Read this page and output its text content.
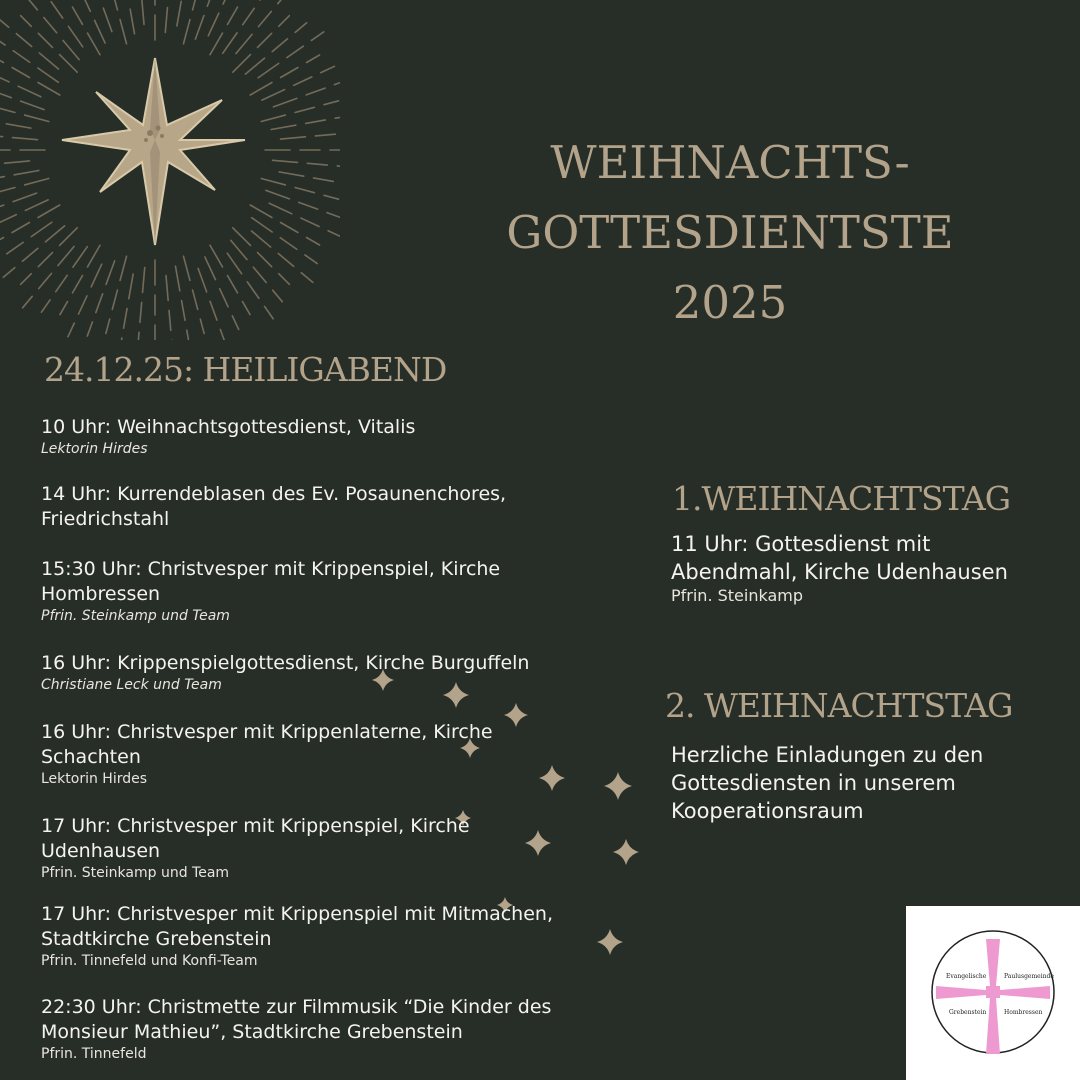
WEIHNACHTS-
GOTTESDIENTSTE
2025
24.12.25: HEILIGABEND
10 Uhr: Weihnachtsgottesdienst, Vitalis
Lektorin Hirdes
14 Uhr: Kurrendeblasen des Ev. Posaunenchores, Friedrichstahl
15:30 Uhr: Christvesper mit Krippenspiel, Kirche Hombressen
Pfrin. Steinkamp und Team
16 Uhr: Krippenspielgottesdienst, Kirche Burguffeln
Christiane Leck und Team
16 Uhr: Christvesper mit Krippenlaterne, Kirche Schachten
Lektorin Hirdes
17 Uhr: Christvesper mit Krippenspiel, Kirche Udenhausen
Pfrin. Steinkamp und Team
17 Uhr: Christvesper mit Krippenspiel mit Mitmachen, Stadtkirche Grebenstein
Pfrin. Tinnefeld und Konfi-Team
22:30 Uhr: Christmette zur Filmmusik “Die Kinder des Monsieur Mathieu”, Stadtkirche Grebenstein
Pfrin. Tinnefeld
1.WEIHNACHTSTAG
11 Uhr: Gottesdienst mit Abendmahl, Kirche Udenhausen
Pfrin. Steinkamp
2. WEIHNACHTSTAG
Herzliche Einladungen zu den Gottesdiensten in unserem Kooperationsraum
Evangelische	Paulusgemeinde
Grebenstein	Hombressen
